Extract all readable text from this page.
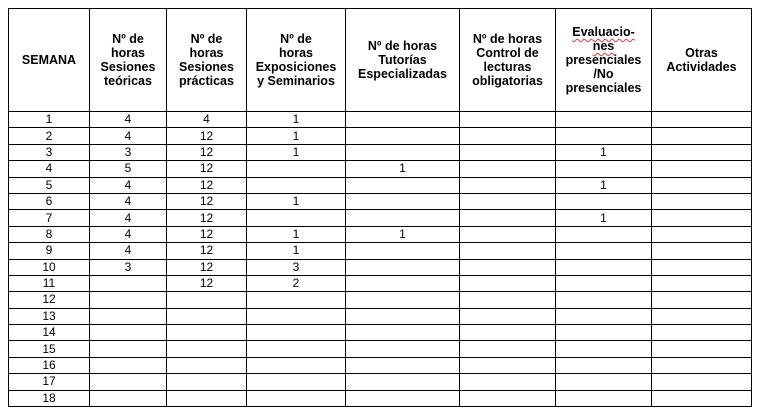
SEMANA	Nº de
horas
Sesiones
teóricas	Nº de
horas
Sesiones
prácticas	Nº de
horas
Exposiciones
y Seminarios	Nº de horas
Tutorías
Especializadas	Nº de horas
Control de
lecturas
obligatorias	Evaluacio-
nes
presenciales
/No
presenciales	Otras
Actividades

1	4	4	1				
2	4	12	1				
3	3	12	1			1	
4	5	12		1			
5	4	12				1	
6	4	12	1				
7	4	12				1	
8	4	12	1	1			
9	4	12	1				
10	3	12	3				
11		12	2				
12							
13							
14							
15							
16							
17							
18							
